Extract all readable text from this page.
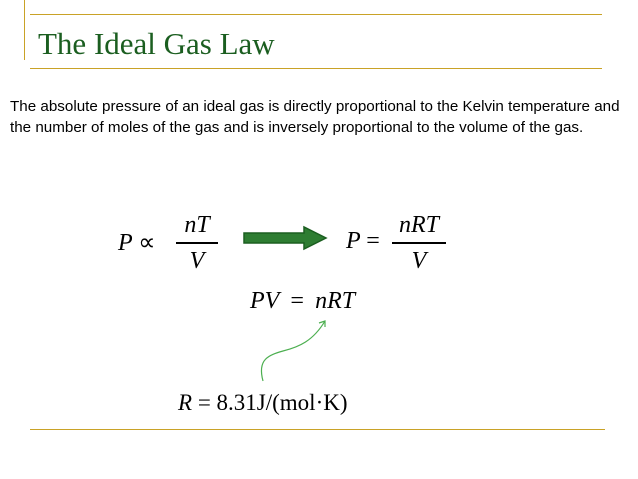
The Ideal Gas Law
The absolute pressure of an ideal gas is directly proportional to the Kelvin temperature and the number of moles of the gas and is inversely proportional to the volume of the gas.
P ∝
nT
V
P =
nRT
V
PV = nRT
R = 8.31J/(mol·K)
